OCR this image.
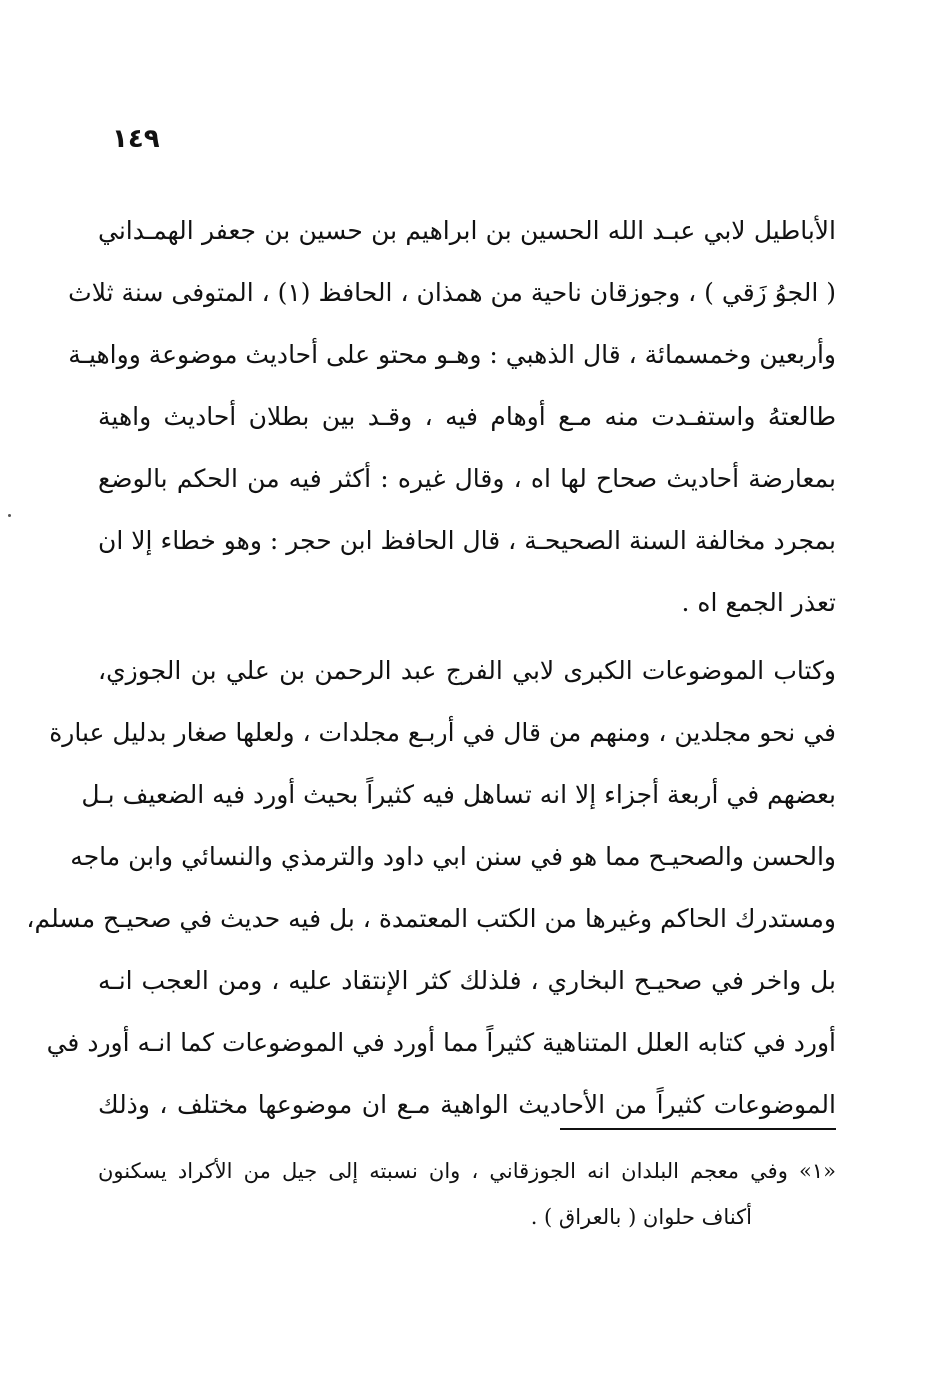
١٤٩
الأباطيل لابي عبـد الله الحسين بن ابراهيم بن حسين بن جعفر الهمـداني
( الجوُ زَقي ) ، وجوزقان ناحية من همذان ، الحافظ (١) ، المتوفى سنة ثلاث
وأربعين وخمسمائة ، قال الذهبي : وهـو محتو على أحاديث موضوعة وواهيـة
طالعتهُ واستفـدت منه مـع أوهام فيه ، وقـد بين بطلان أحاديث واهية
بمعارضة أحاديث صحاح لها اه ، وقال غيره : أكثر فيه من الحكم بالوضع
بمجرد مخالفة السنة الصحيحـة ، قال الحافظ ابن حجر : وهو خطاء إلا ان
تعذر الجمع اه .
وكتاب الموضوعات الكبرى لابي الفرج عبد الرحمن بن علي بن الجوزي،
في نحو مجلدين ، ومنهم من قال في أربـع مجلدات ، ولعلها صغار بدليل عبارة
بعضهم في أربعة أجزاء إلا انه تساهل فيه كثيراً بحيث أورد فيه الضعيف بـل
والحسن والصحيـح مما هو في سنن ابي داود والترمذي والنسائي وابن ماجه
ومستدرك الحاكم وغيرها من الكتب المعتمدة ، بل فيه حديث في صحيـح مسلم،
بل واخر في صحيـح البخاري ، فلذلك كثر الإنتقاد عليه ، ومن العجب انـه
أورد في كتابه العلل المتناهية كثيراً مما أورد في الموضوعات كما انـه أورد في
الموضوعات كثيراً من الأحاديث الواهية مـع ان موضوعها مختلف ، وذلك
«١» وفي معجم البلدان انه الجوزقاني ، وان نسبته إلى جيل من الأكراد يسكنون
أكناف حلوان ( بالعراق ) .
